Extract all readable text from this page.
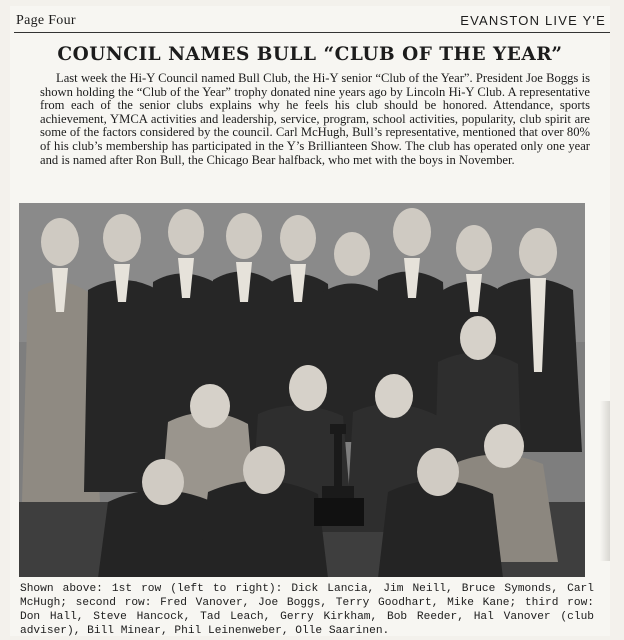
Page Four	EVANSTON LIVE Y'E
COUNCIL NAMES BULL “CLUB OF THE YEAR”

Last week the Hi-Y Council named Bull Club, the Hi-Y senior “Club of the Year”. President Joe Boggs is shown holding the “Club of the Year” trophy donated nine years ago by Lincoln Hi-Y Club. A representative from each of the senior clubs explains why he feels his club should be honored. Attendance, sports achievement, YMCA activities and leadership, service, program, school activities, popularity, club spirit are some of the factors considered by the council. Carl McHugh, Bull’s representative, mentioned that over 80% of his club’s membership has participated in the Y’s Brillianteen Show. The club has operated only one year and is named after Ron Bull, the Chicago Bear halfback, who met with the boys in November.

Shown above: 1st row (left to right): Dick Lancia, Jim Neill, Bruce Symonds, Carl McHugh; second row: Fred Vanover, Joe Boggs, Terry Goodhart, Mike Kane; third row: Don Hall, Steve Hancock, Tad Leach, Gerry Kirkham, Bob Reeder, Hal Vanover (club adviser), Bill Minear, Phil Leinenweber, Olle Saarinen.
